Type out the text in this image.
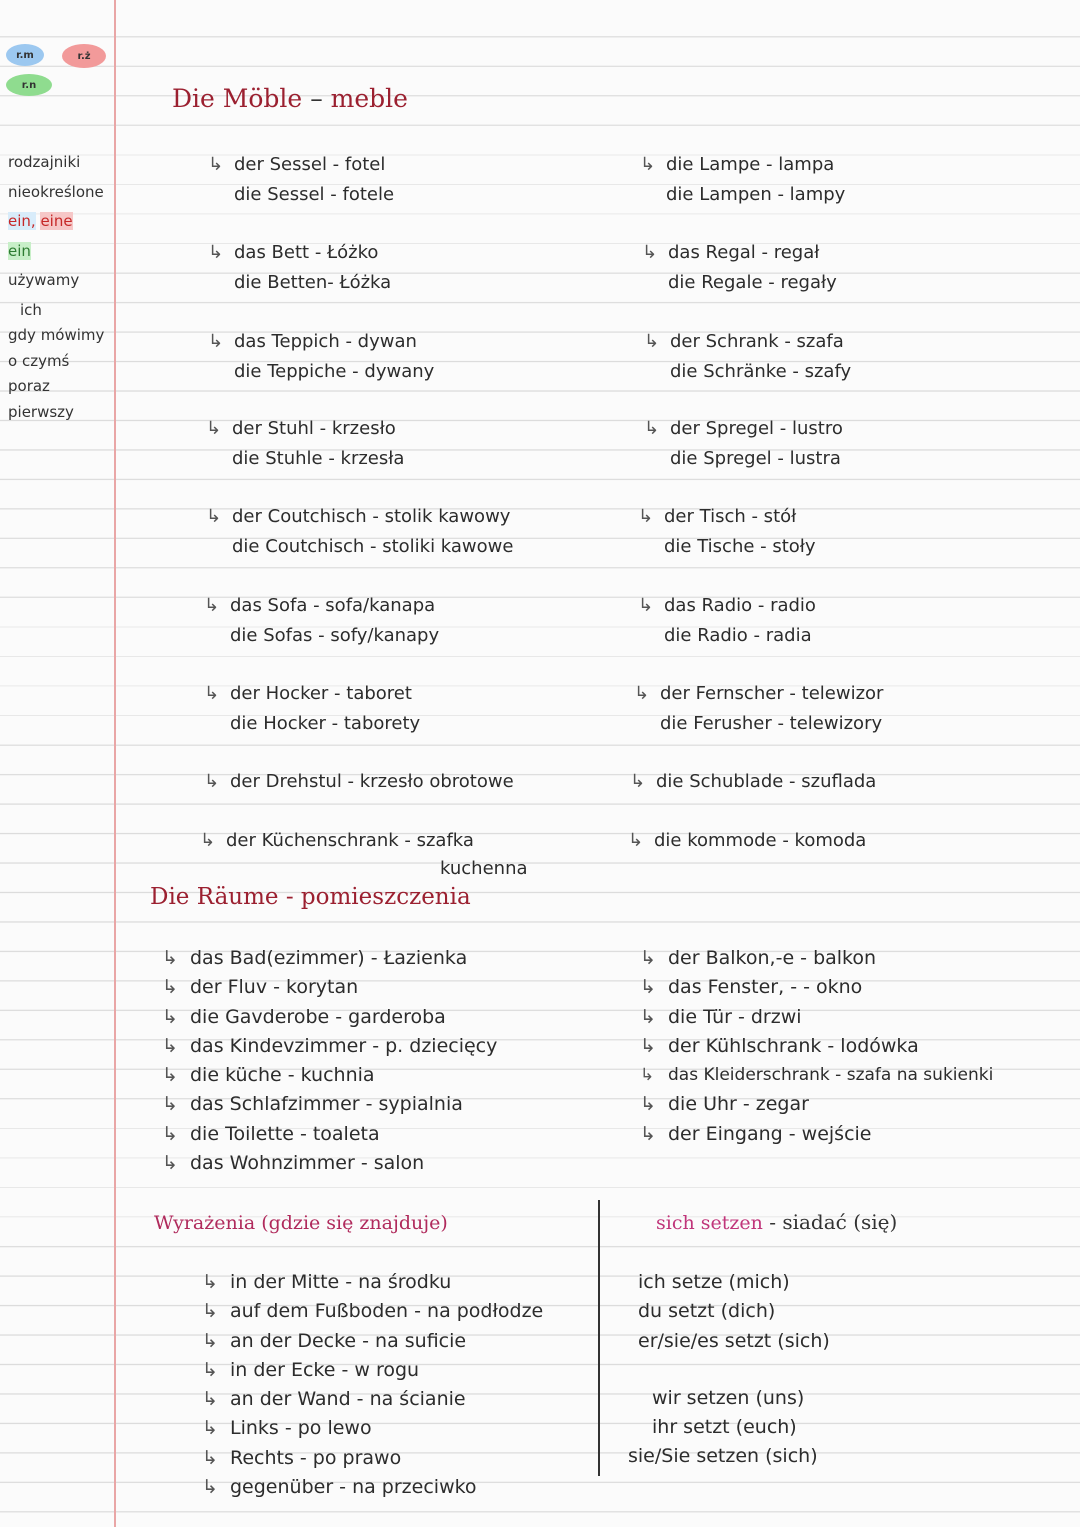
r.m	r.ż
r.n
rodzajniki
nieokreślone
ein, eine
ein
używamy
ich
gdy mówimy
o czymś
poraz
pierwszy
Die Möble – meble
↳ der Sessel - fotel
die Sessel - fotele
↳ das Bett - Łóżko
die Betten- Łóżka
↳ das Teppich - dywan
die Teppiche - dywany
↳ der Stuhl - krzesło
die Stuhle - krzesła
↳ der Coutchisch - stolik kawowy
die Coutchisch - stoliki kawowe
↳ das Sofa - sofa/kanapa
die Sofas - sofy/kanapy
↳ der Hocker - taboret
die Hocker - taborety
↳ der Drehstul - krzesło obrotowe
↳ der Küchenschrank - szafka
kuchenna
↳ die Lampe - lampa
die Lampen - lampy
↳ das Regal - regał
die Regale - regały
↳ der Schrank - szafa
die Schränke - szafy
↳ der Spregel - lustro
die Spregel - lustra
↳ der Tisch - stół
die Tische - stoły
↳ das Radio - radio
die Radio - radia
↳ der Fernscher - telewizor
die Ferusher - telewizory
↳ die Schublade - szuflada
↳ die kommode - komoda
Die Räume - pomieszczenia
↳ das Bad(ezimmer) - Łazienka
↳ der Fluv - korytan
↳ die Gavderobe - garderoba
↳ das Kindevzimmer - p. dziecięcy
↳ die küche - kuchnia
↳ das Schlafzimmer - sypialnia
↳ die Toilette - toaleta
↳ das Wohnzimmer - salon
↳ der Balkon,-e - balkon
↳ das Fenster, - - okno
↳ die Tür - drzwi
↳ der Kühlschrank - lodówka
↳ das Kleiderschrank - szafa na sukienki
↳ die Uhr - zegar
↳ der Eingang - wejście
Wyrażenia (gdzie się znajduje)
↳ in der Mitte - na środku
↳ auf dem Fußboden - na podłodze
↳ an der Decke - na suficie
↳ in der Ecke - w rogu
↳ an der Wand - na ścianie
↳ Links - po lewo
↳ Rechts - po prawo
↳ gegenüber - na przeciwko
sich setzen - siadać (się)
ich setze (mich)
du setzt (dich)
er/sie/es setzt (sich)
wir setzen (uns)
ihr setzt (euch)
sie/Sie setzen (sich)
